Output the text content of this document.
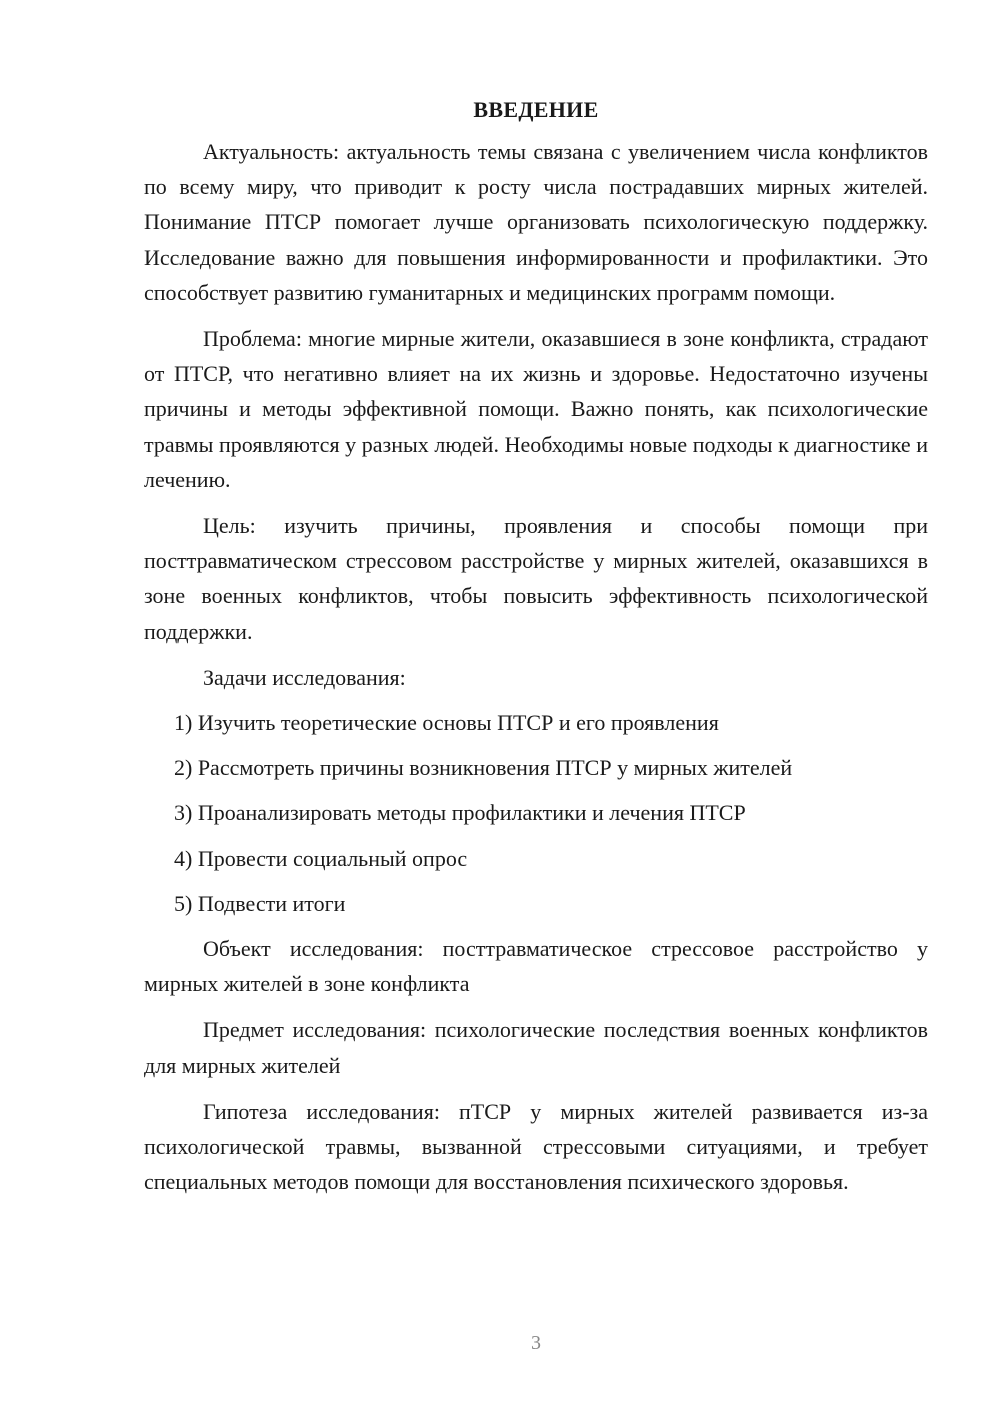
ВВЕДЕНИЕ

Актуальность: актуальность темы связана с увеличением числа конфликтов по всему миру, что приводит к росту числа пострадавших мирных жителей. Понимание ПТСР помогает лучше организовать психологическую поддержку. Исследование важно для повышения информированности и профилактики. Это способствует развитию гуманитарных и медицинских программ помощи.

Проблема: многие мирные жители, оказавшиеся в зоне конфликта, страдают от ПТСР, что негативно влияет на их жизнь и здоровье. Недостаточно изучены причины и методы эффективной помощи. Важно понять, как психологические травмы проявляются у разных людей. Необходимы новые подходы к диагностике и лечению.

Цель: изучить причины, проявления и способы помощи при посттравматическом стрессовом расстройстве у мирных жителей, оказавшихся в зоне военных конфликтов, чтобы повысить эффективность психологической поддержки.

Задачи исследования:

1) Изучить теоретические основы ПТСР и его проявления
2) Рассмотреть причины возникновения ПТСР у мирных жителей
3) Проанализировать методы профилактики и лечения ПТСР
4) Провести социальный опрос
5) Подвести итоги

Объект исследования: посттравматическое стрессовое расстройство у мирных жителей в зоне конфликта

Предмет исследования: психологические последствия военных конфликтов для мирных жителей

Гипотеза исследования: пТСР у мирных жителей развивается из-за психологической травмы, вызванной стрессовыми ситуациями, и требует специальных методов помощи для восстановления психического здоровья.

3
